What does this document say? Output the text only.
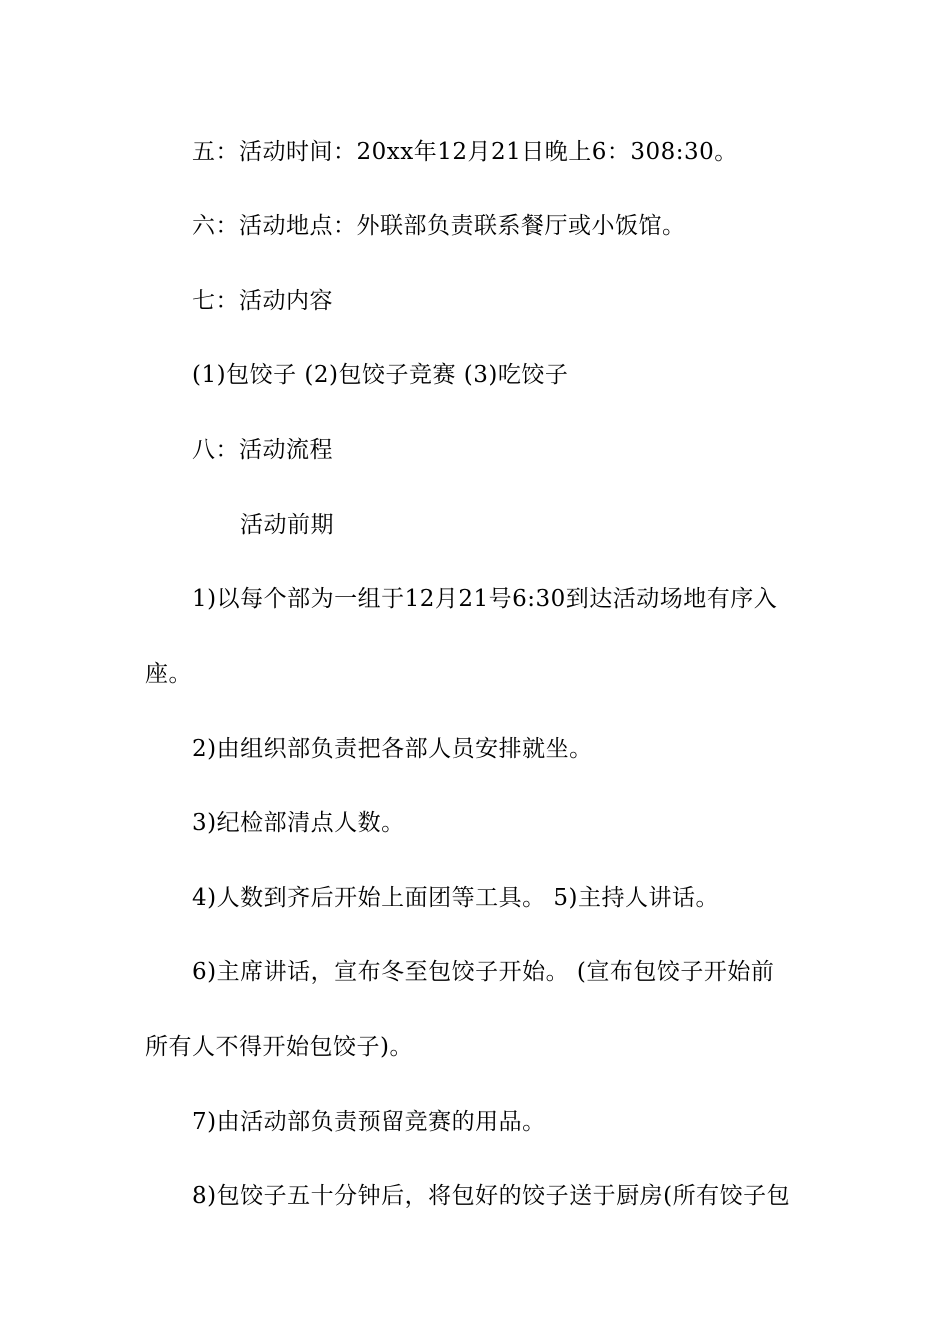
五：活动时间：20xx年12月21日晚上6：308:30。
六：活动地点：外联部负责联系餐厅或小饭馆。
七：活动内容
(1)包饺子 (2)包饺子竞赛 (3)吃饺子
八：活动流程
活动前期
1)以每个部为一组于12月21号6:30到达活动场地有序入
座。
2)由组织部负责把各部人员安排就坐。
3)纪检部清点人数。
4)人数到齐后开始上面团等工具。 5)主持人讲话。
6)主席讲话，宣布冬至包饺子开始。 (宣布包饺子开始前
所有人不得开始包饺子)。
7)由活动部负责预留竞赛的用品。
8)包饺子五十分钟后，将包好的饺子送于厨房(所有饺子包
